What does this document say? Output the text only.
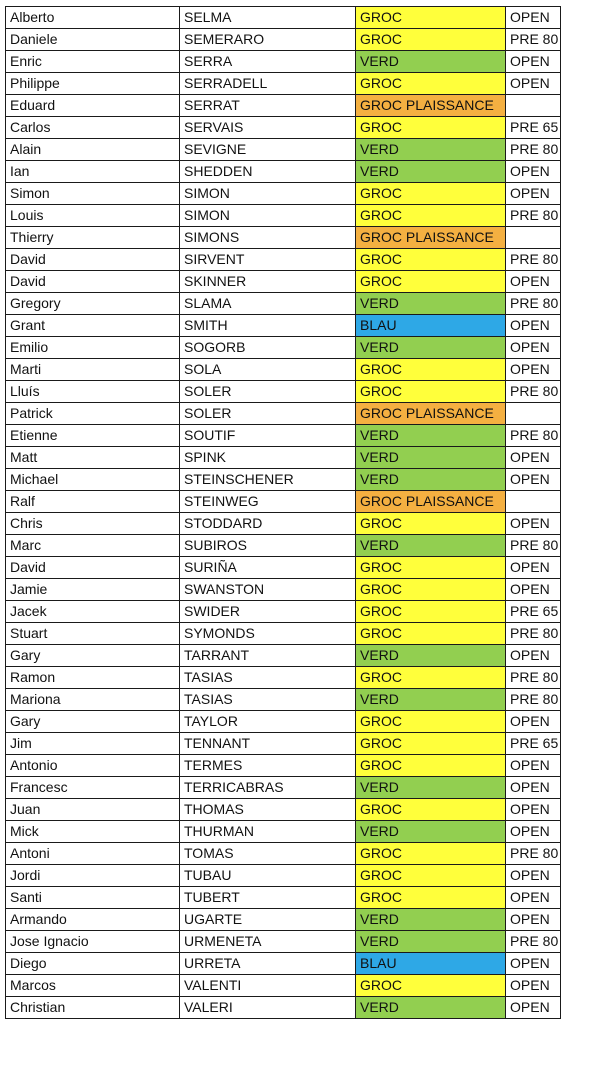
Alberto	SELMA	GROC	OPEN
Daniele	SEMERARO	GROC	PRE 80
Enric	SERRA	VERD	OPEN
Philippe	SERRADELL	GROC	OPEN
Eduard	SERRAT	GROC PLAISSANCE	
Carlos	SERVAIS	GROC	PRE 65
Alain	SEVIGNE	VERD	PRE 80
Ian	SHEDDEN	VERD	OPEN
Simon	SIMON	GROC	OPEN
Louis	SIMON	GROC	PRE 80
Thierry	SIMONS	GROC PLAISSANCE	
David	SIRVENT	GROC	PRE 80
David	SKINNER	GROC	OPEN
Gregory	SLAMA	VERD	PRE 80
Grant	SMITH	BLAU	OPEN
Emilio	SOGORB	VERD	OPEN
Marti	SOLA	GROC	OPEN
Lluís	SOLER	GROC	PRE 80
Patrick	SOLER	GROC PLAISSANCE	
Etienne	SOUTIF	VERD	PRE 80
Matt	SPINK	VERD	OPEN
Michael	STEINSCHENER	VERD	OPEN
Ralf	STEINWEG	GROC PLAISSANCE	
Chris	STODDARD	GROC	OPEN
Marc	SUBIROS	VERD	PRE 80
David	SURIÑA	GROC	OPEN
Jamie	SWANSTON	GROC	OPEN
Jacek	SWIDER	GROC	PRE 65
Stuart	SYMONDS	GROC	PRE 80
Gary	TARRANT	VERD	OPEN
Ramon	TASIAS	GROC	PRE 80
Mariona	TASIAS	VERD	PRE 80
Gary	TAYLOR	GROC	OPEN
Jim	TENNANT	GROC	PRE 65
Antonio	TERMES	GROC	OPEN
Francesc	TERRICABRAS	VERD	OPEN
Juan	THOMAS	GROC	OPEN
Mick	THURMAN	VERD	OPEN
Antoni	TOMAS	GROC	PRE 80
Jordi	TUBAU	GROC	OPEN
Santi	TUBERT	GROC	OPEN
Armando	UGARTE	VERD	OPEN
Jose Ignacio	URMENETA	VERD	PRE 80
Diego	URRETA	BLAU	OPEN
Marcos	VALENTI	GROC	OPEN
Christian	VALERI	VERD	OPEN
